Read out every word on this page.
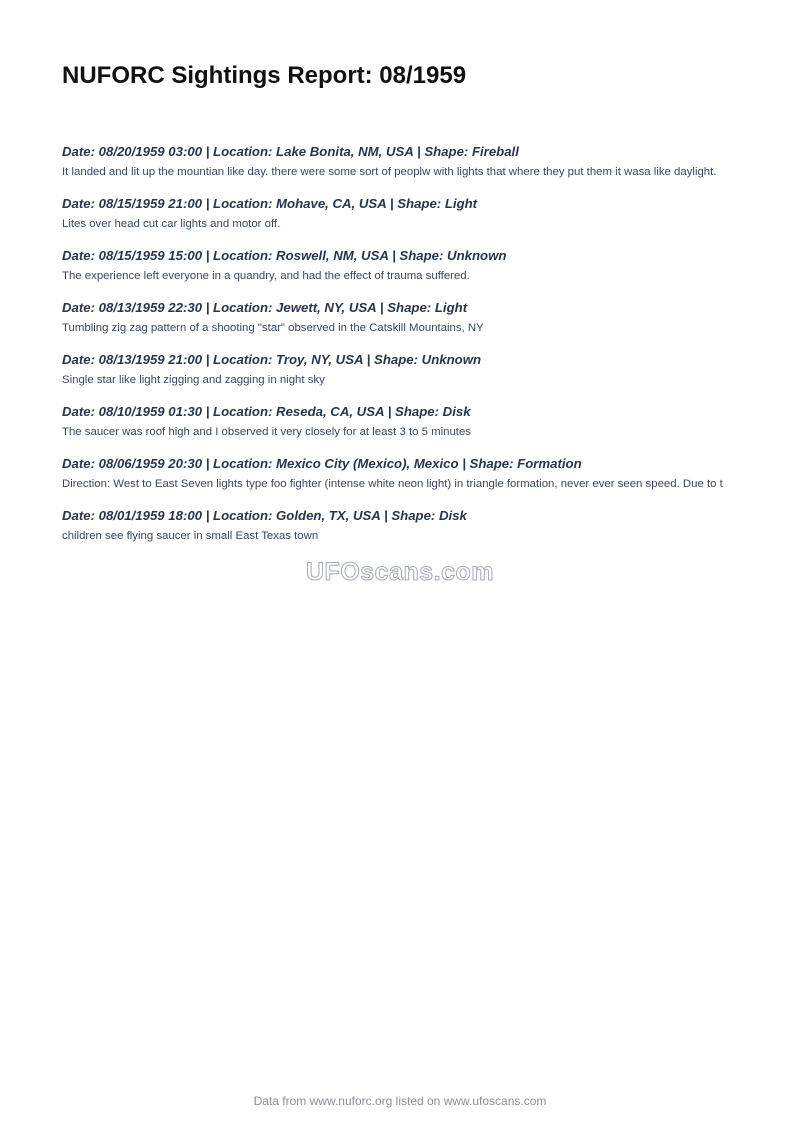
NUFORC Sightings Report: 08/1959
Date: 08/20/1959 03:00 | Location: Lake Bonita, NM, USA | Shape: Fireball

It landed and lit up the mountian like day. there were some sort of peoplw with lights that where they put them it wasa like daylight.

Date: 08/15/1959 21:00 | Location: Mohave, CA, USA | Shape: Light

Lites over head cut car lights and motor off.

Date: 08/15/1959 15:00 | Location: Roswell, NM, USA | Shape: Unknown

The experience left everyone in a quandry, and had the effect of trauma suffered.

Date: 08/13/1959 22:30 | Location: Jewett, NY, USA | Shape: Light

Tumbling zig zag pattern of a shooting "star" observed in the Catskill Mountains, NY

Date: 08/13/1959 21:00 | Location: Troy, NY, USA | Shape: Unknown

Single star like light zigging and zagging in night sky

Date: 08/10/1959 01:30 | Location: Reseda, CA, USA | Shape: Disk

The saucer was roof high and I observed it very closely for at least 3 to 5 minutes

Date: 08/06/1959 20:30 | Location: Mexico City (Mexico), Mexico | Shape: Formation

Direction: West to East Seven lights type foo fighter (intense white neon light) in triangle formation, never ever seen speed. Due to t

Date: 08/01/1959 18:00 | Location: Golden, TX, USA | Shape: Disk

children see flying saucer in small East Texas town

UFOscans.com
Data from www.nuforc.org listed on www.ufoscans.com
